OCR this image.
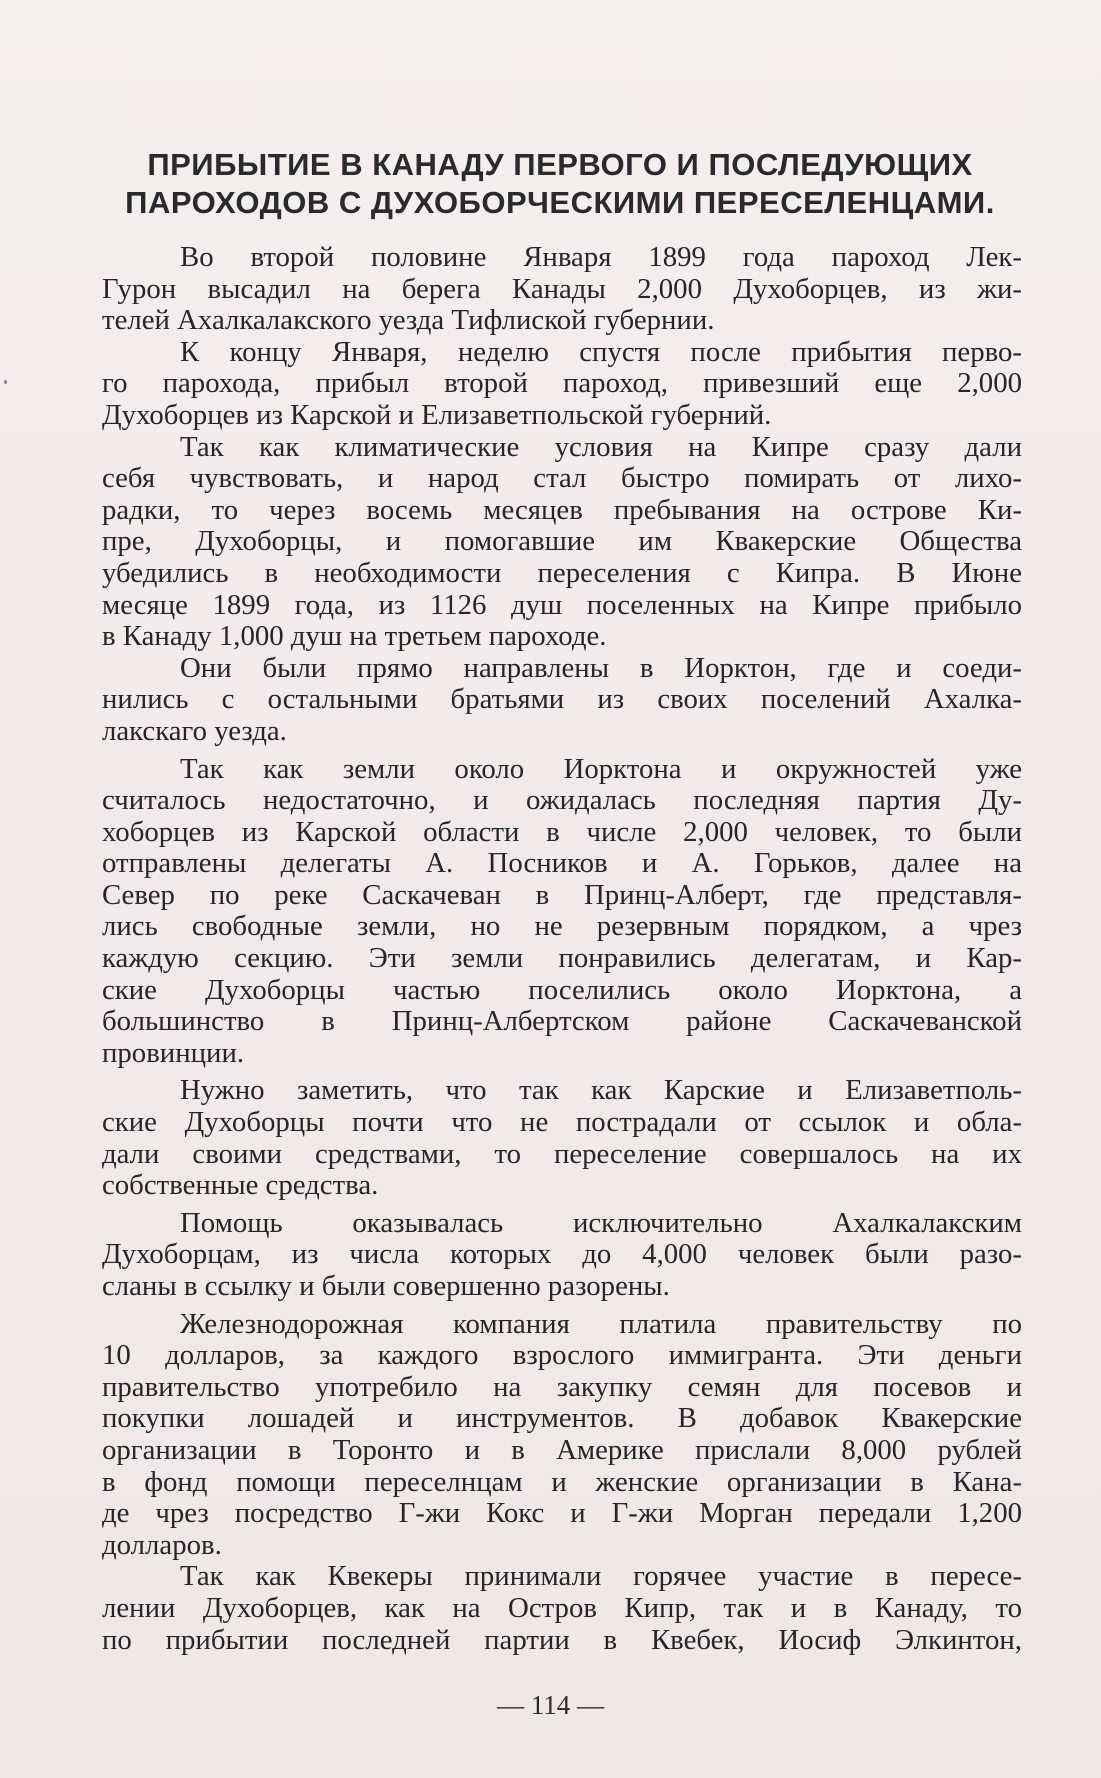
ПРИБЫТИЕ В КАНАДУ ПЕРВОГО И ПОСЛЕДУЮЩИХ
ПАРОХОДОВ С ДУХОБОРЧЕСКИМИ ПЕРЕСЕЛЕНЦАМИ.
Во второй половине Января 1899 года пароход Лек-
Гурон высадил на берега Канады 2,000 Духоборцев, из жи-
телей Ахалкалакского уезда Тифлиской губернии.
К концу Января, неделю спустя после прибытия перво-
го парохода, прибыл второй пароход, привезший еще 2,000
Духоборцев из Карской и Елизаветпольской губерний.
Так как климатические условия на Кипре сразу дали
себя чувствовать, и народ стал быстро помирать от лихо-
радки, то через восемь месяцев пребывания на острове Ки-
пре, Духоборцы, и помогавшие им Квакерские Общества
убедились в необходимости переселения с Кипра. В Июне
месяце 1899 года, из 1126 душ поселенных на Кипре прибыло
в Канаду 1,000 душ на третьем пароходе.
Они были прямо направлены в Иорктон, где и соеди-
нились с остальными братьями из своих поселений Ахалка-
лакскаго уезда.
Так как земли около Иорктона и окружностей уже
считалось недостаточно, и ожидалась последняя партия Ду-
хоборцев из Карской области в числе 2,000 человек, то были
отправлены делегаты А. Посников и А. Горьков, далее на
Север по реке Саскачеван в Принц-Алберт, где представля-
лись свободные земли, но не резервным порядком, а чрез
каждую секцию. Эти земли понравились делегатам, и Кар-
ские Духоборцы частью поселились около Иорктона, а
большинство в Принц-Албертском районе Саскачеванской
провинции.
Нужно заметить, что так как Карские и Елизаветполь-
ские Духоборцы почти что не пострадали от ссылок и обла-
дали своими средствами, то переселение совершалось на их
собственные средства.
Помощь оказывалась исключительно Ахалкалакским
Духоборцам, из числа которых до 4,000 человек были разо-
сланы в ссылку и были совершенно разорены.
Железнодорожная компания платила правительству по
10 долларов, за каждого взрослого иммигранта. Эти деньги
правительство употребило на закупку семян для посевов и
покупки лошадей и инструментов. В добавок Квакерские
организации в Торонто и в Америке прислали 8,000 рублей
в фонд помощи переселнцам и женские организации в Кана-
де чрез посредство Г-жи Кокс и Г-жи Морган передали 1,200
долларов.
Так как Квекеры принимали горячее участие в пересе-
лении Духоборцев, как на Остров Кипр, так и в Канаду, то
по прибытии последней партии в Квебек, Иосиф Элкинтон,
— 114 —
